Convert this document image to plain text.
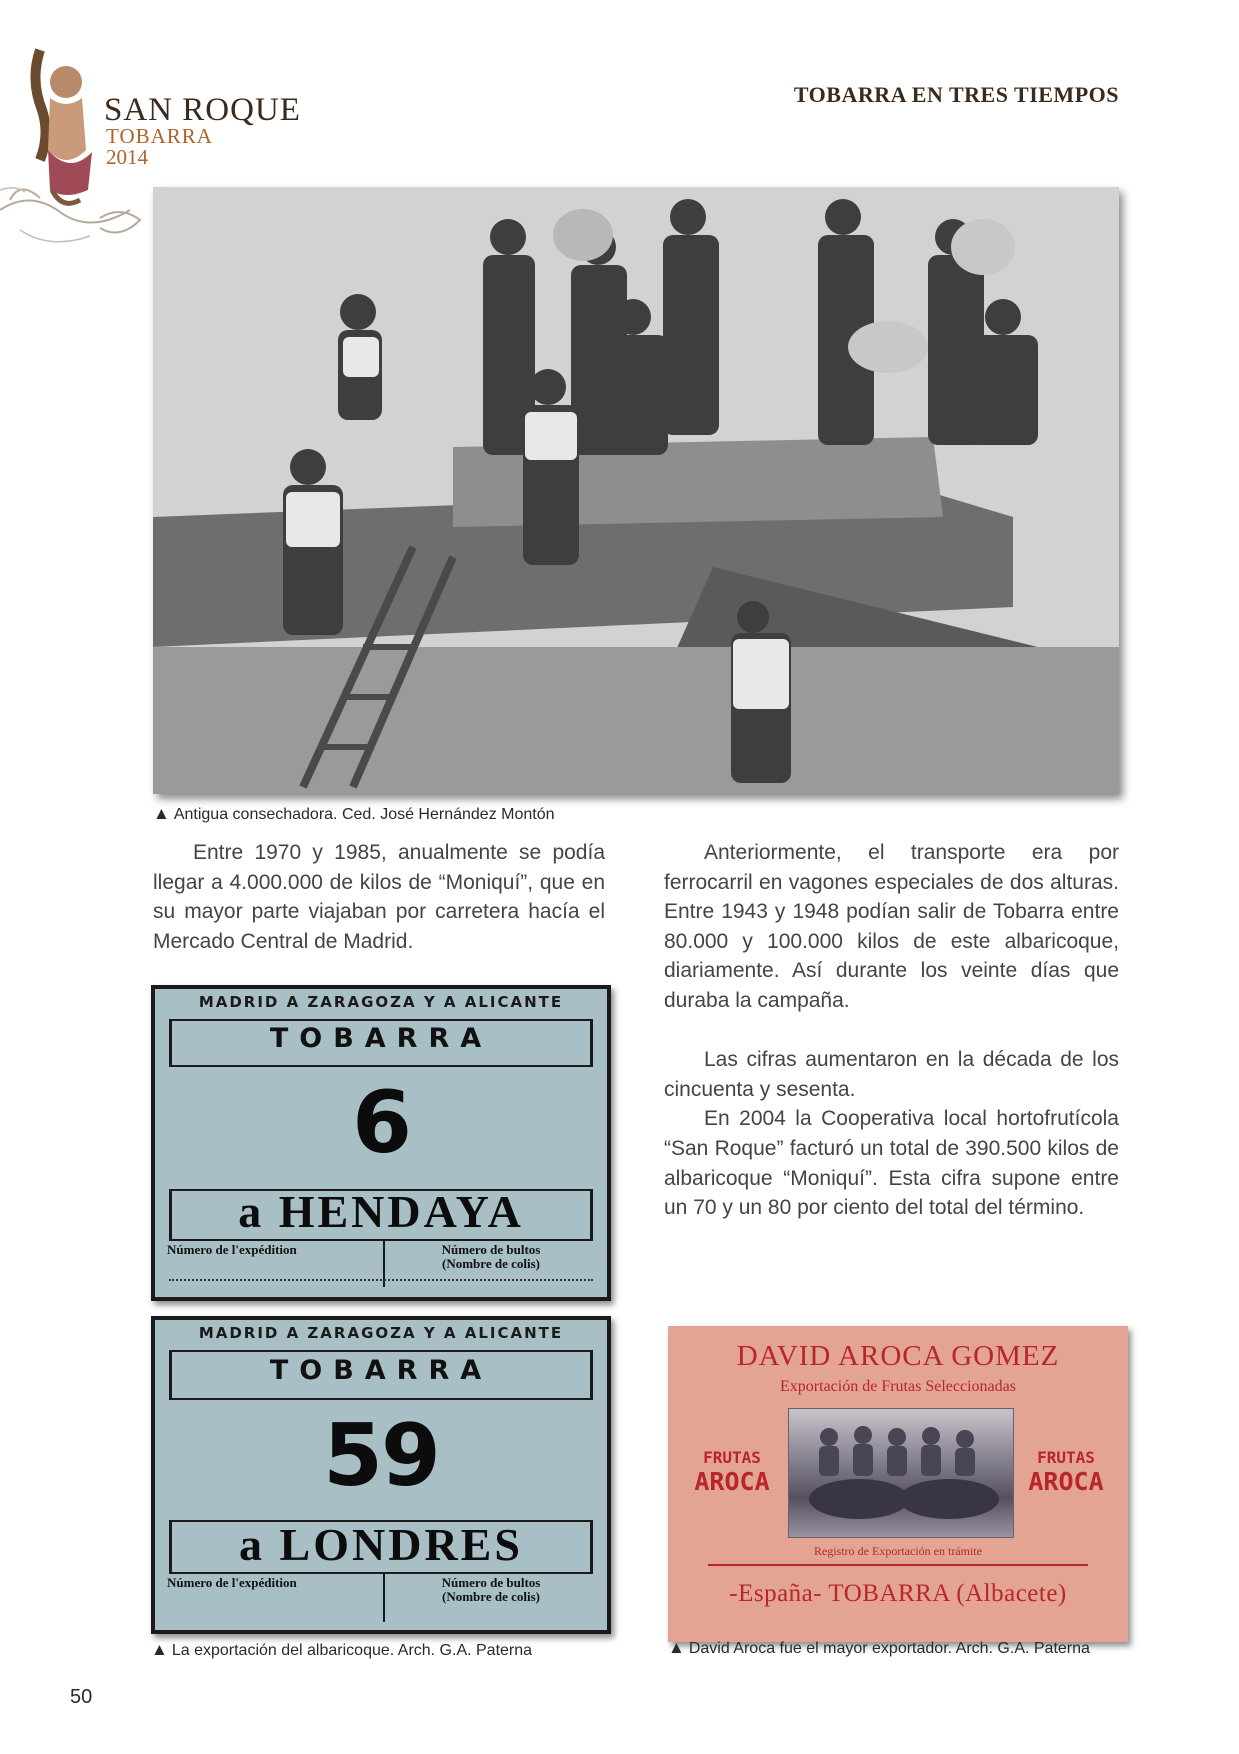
SAN ROQUE
TOBARRA
2014
TOBARRA EN TRES TIEMPOS
▲ Antigua consechadora. Ced. José Hernández Montón

Entre 1970 y 1985, anualmente se podía llegar a 4.000.000 de kilos de “Moniquí”, que en su mayor parte viajaban por carretera hacía el Mercado Central de Madrid.

Anteriormente, el transporte era por ferrocarril en vagones especiales de dos alturas. Entre 1943 y 1948 podían salir de Tobarra entre 80.000 y 100.000 kilos de este albaricoque, diariamente. Así durante los veinte días que duraba la campaña.

Las cifras aumentaron en la década de los cincuenta y sesenta.

En 2004 la Cooperativa local hortofrutícola “San Roque” facturó un total de 390.500 kilos de albaricoque “Moniquí”. Esta cifra supone entre un 70 y un 80 por ciento del total del término.

MADRID A ZARAGOZA Y A ALICANTE
TOBARRA
6
a HENDAYA
Número de l'expédition	Número de bultos
(Nombre de colis)
MADRID A ZARAGOZA Y A ALICANTE
TOBARRA
59
a LONDRES
Número de l'expédition	Número de bultos
(Nombre de colis)
▲ La exportación del albaricoque. Arch. G.A. Paterna
DAVID AROCA GOMEZ
Exportación de Frutas Seleccionadas
FRUTAS
AROCA
FRUTAS
AROCA
Registro de Exportación en trámite
-España- TOBARRA (Albacete)
▲ David Aroca fue el mayor exportador. Arch. G.A. Paterna
50
